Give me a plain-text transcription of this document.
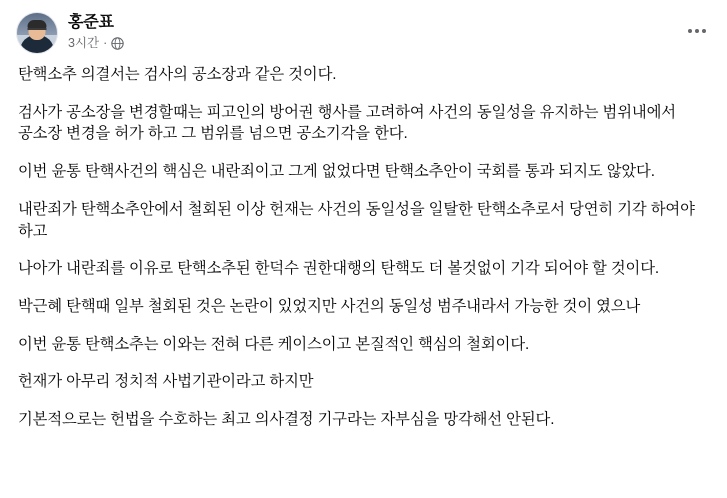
홍준표
3시간 ·

탄핵소추 의결서는 검사의 공소장과 같은 것이다.

검사가 공소장을 변경할때는 피고인의 방어권 행사를 고려하여 사건의 동일성을 유지하는 범위내에서 공소장 변경을 허가 하고 그 범위를 넘으면 공소기각을 한다.

이번 윤통 탄핵사건의 핵심은 내란죄이고 그게 없었다면 탄핵소추안이 국회를 통과 되지도 않았다.

내란죄가 탄핵소추안에서 철회된 이상 헌재는 사건의 동일성을 일탈한 탄핵소추로서 당연히 기각 하여야 하고

나아가 내란죄를 이유로 탄핵소추된 한덕수 권한대행의 탄핵도 더 볼것없이 기각 되어야 할 것이다.

박근혜 탄핵때 일부 철회된 것은 논란이 있었지만 사건의 동일성 범주내라서 가능한 것이 였으나

이번 윤통 탄핵소추는 이와는 전혀 다른 케이스이고 본질적인 핵심의 철회이다.

헌재가 아무리 정치적 사법기관이라고 하지만

기본적으로는 헌법을 수호하는 최고 의사결정 기구라는 자부심을 망각해선 안된다.
